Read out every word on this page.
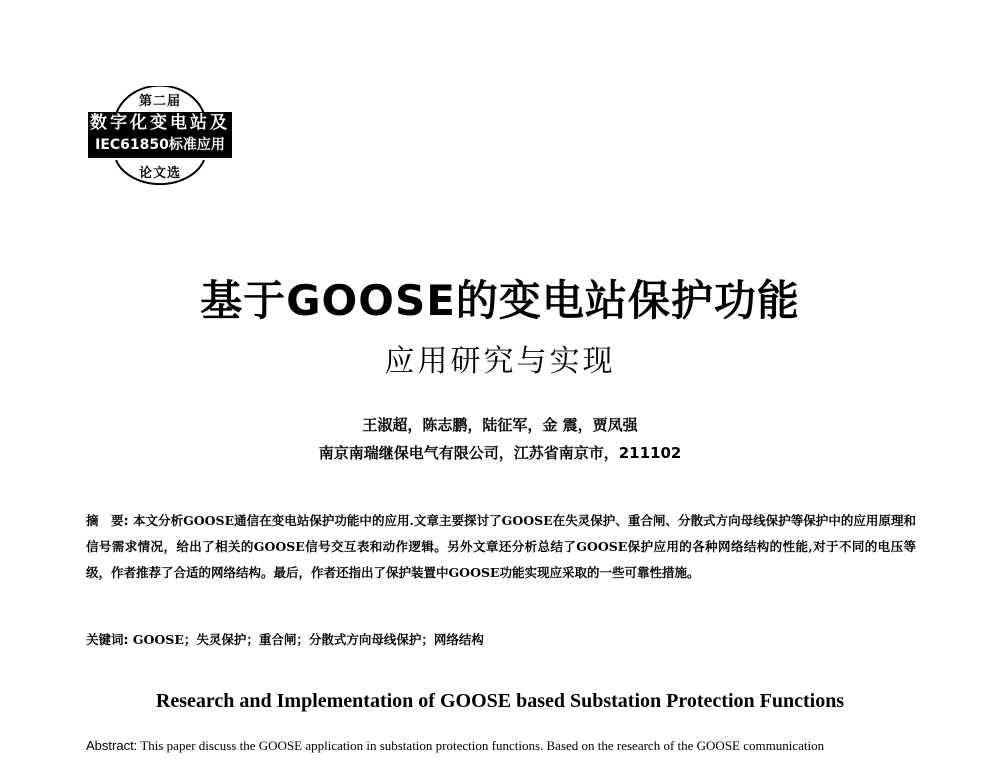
第二届
数字化变电站及
IEC61850标准应用
论文选
基于GOOSE的变电站保护功能
应用研究与实现
王淑超，陈志鹏，陆征军，金 震，贾凤强
南京南瑞继保电气有限公司，江苏省南京市，211102
摘　要: 本文分析GOOSE通信在变电站保护功能中的应用.文章主要探讨了GOOSE在失灵保护、重合闸、分散式方向母线保护等保护中的应用原理和信号需求情况，给出了相关的GOOSE信号交互表和动作逻辑。另外文章还分析总结了GOOSE保护应用的各种网络结构的性能,对于不同的电压等级，作者推荐了合适的网络结构。最后，作者还指出了保护装置中GOOSE功能实现应采取的一些可靠性措施。
关键词: GOOSE；失灵保护；重合闸；分散式方向母线保护；网络结构
Research and Implementation of GOOSE based Substation Protection Functions
Abstract: This paper discuss the GOOSE application in substation protection functions. Based on the research of the GOOSE communication
